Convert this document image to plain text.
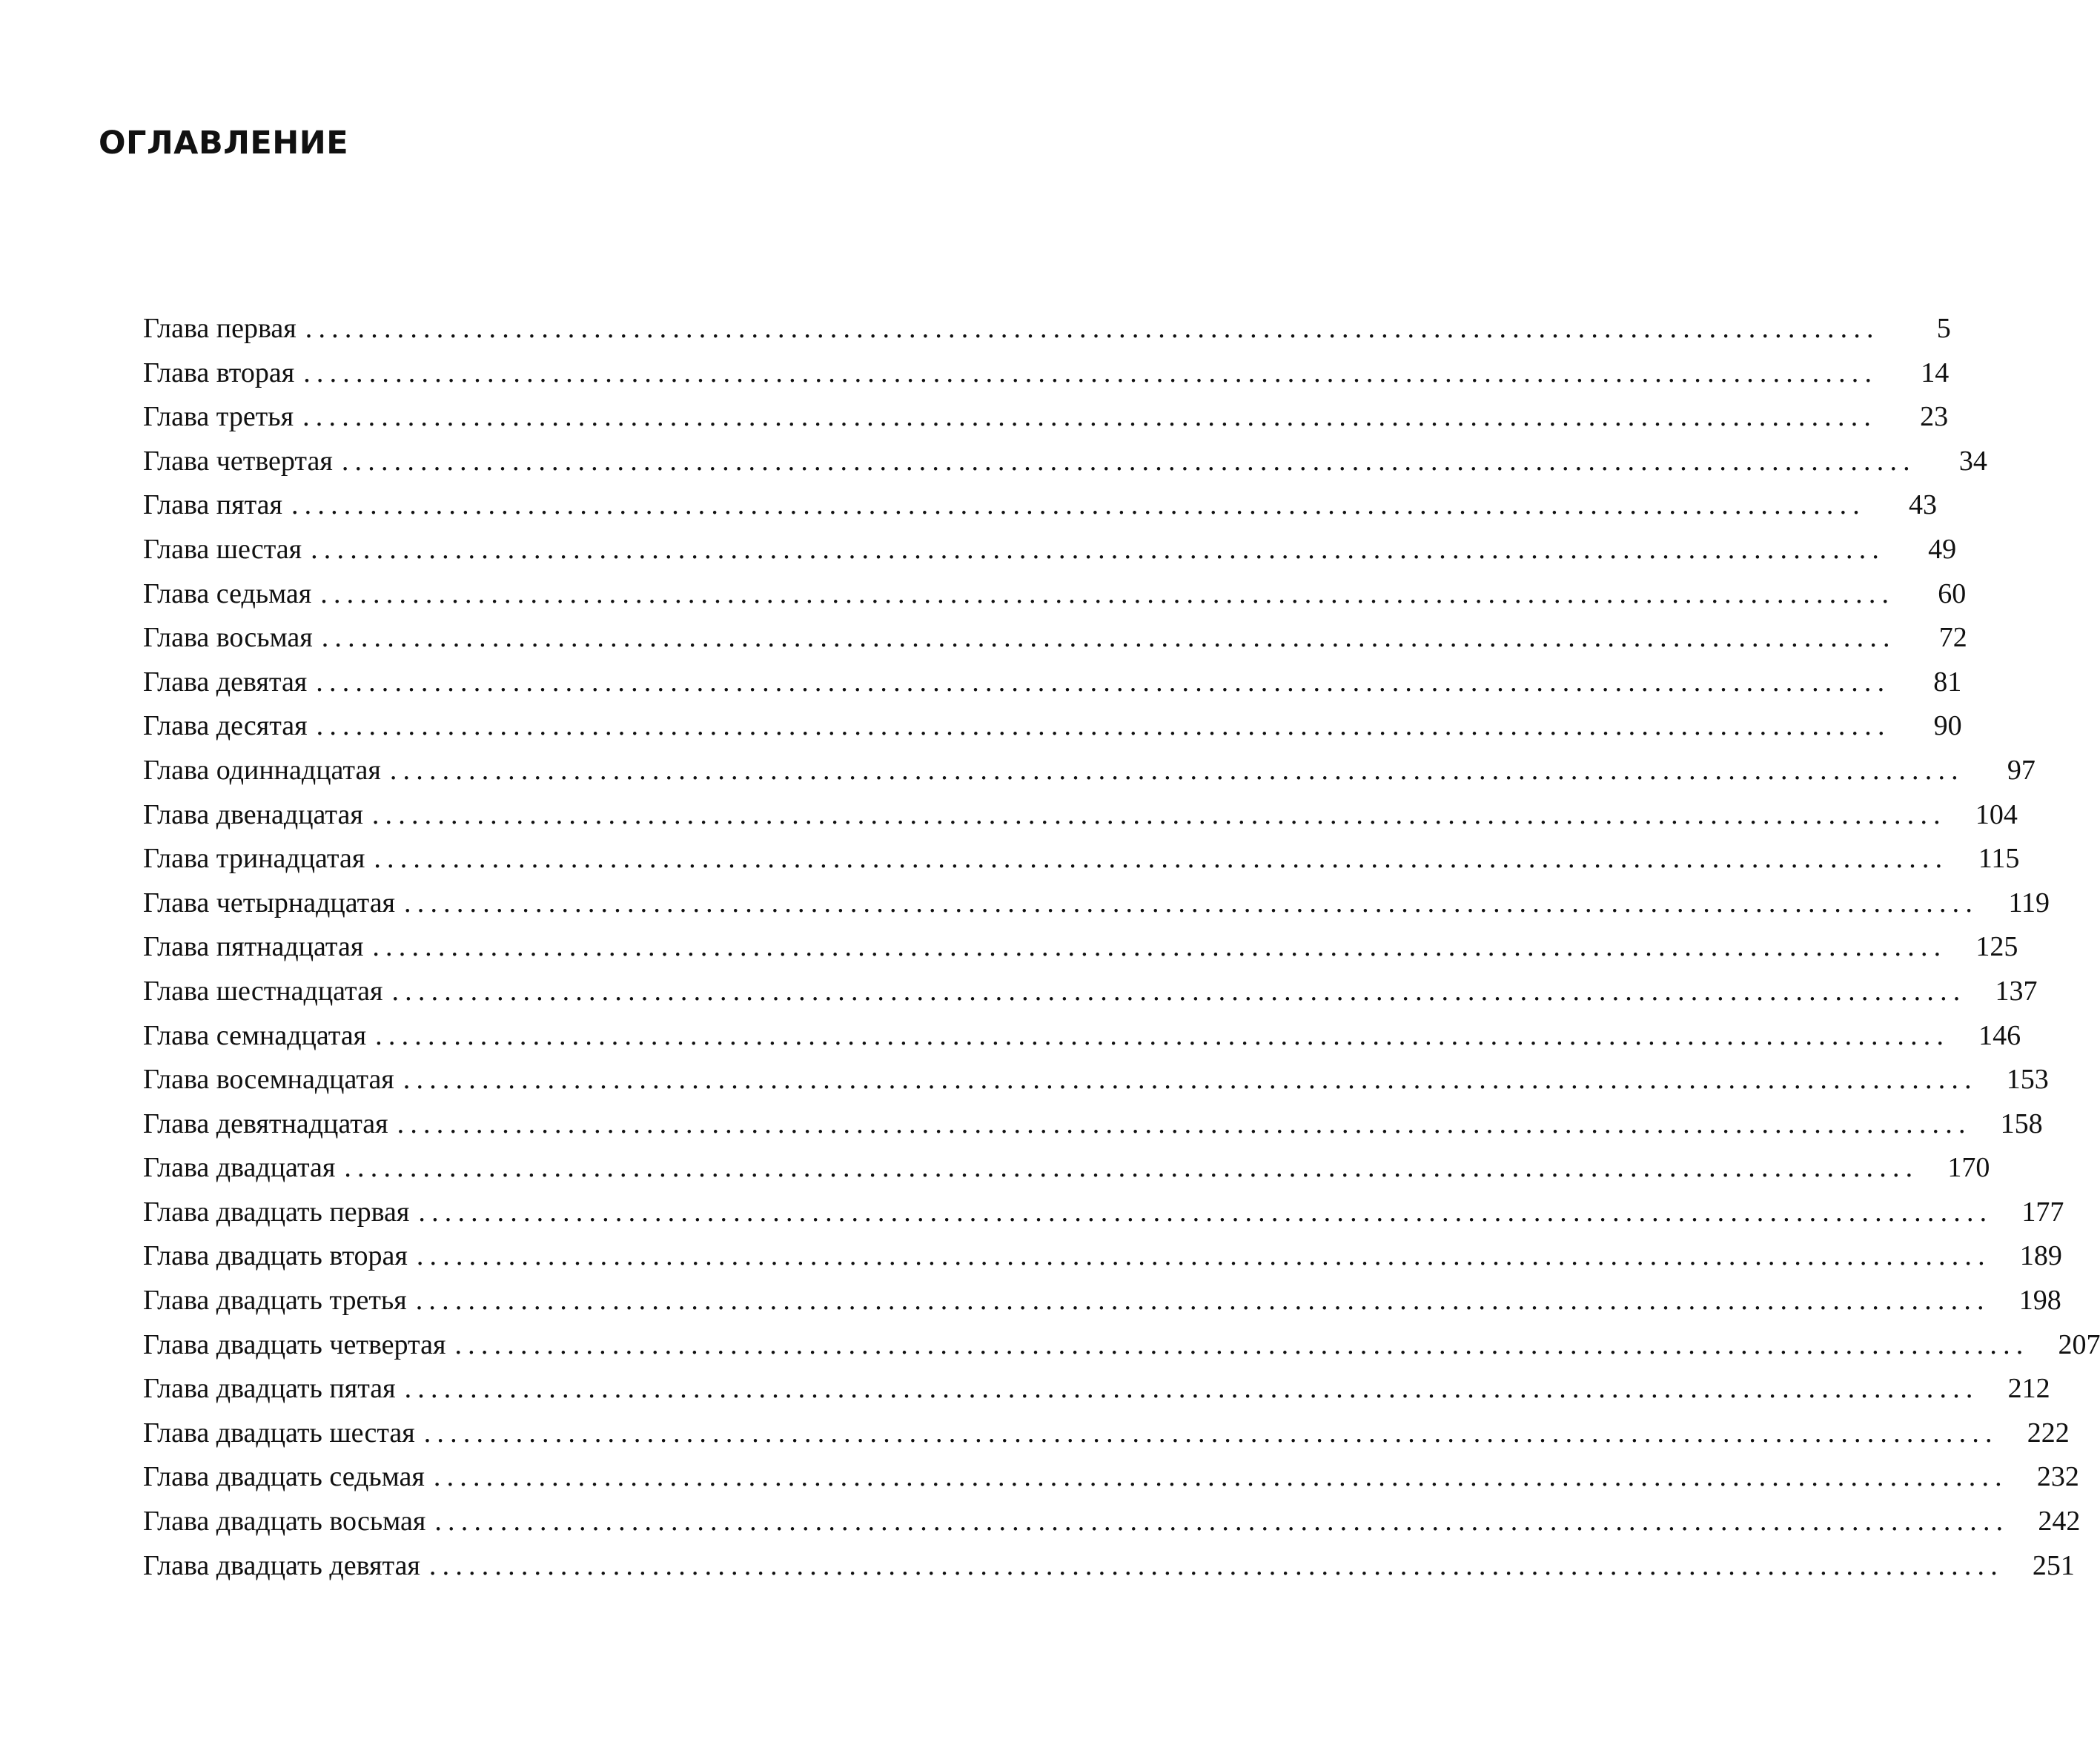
ОГЛАВЛЕНИЕ
Глава первая ........................................................................................................................	5
Глава вторая ........................................................................................................................	14
Глава третья ........................................................................................................................	23
Глава четвертая ........................................................................................................................	34
Глава пятая ........................................................................................................................	43
Глава шестая ........................................................................................................................	49
Глава седьмая ........................................................................................................................	60
Глава восьмая ........................................................................................................................	72
Глава девятая ........................................................................................................................	81
Глава десятая ........................................................................................................................	90
Глава одиннадцатая ........................................................................................................................	97
Глава двенадцатая ........................................................................................................................ 104
Глава тринадцатая ........................................................................................................................ 115
Глава четырнадцатая ........................................................................................................................ 119
Глава пятнадцатая ........................................................................................................................ 125
Глава шестнадцатая ........................................................................................................................ 137
Глава семнадцатая ........................................................................................................................ 146
Глава восемнадцатая ........................................................................................................................ 153
Глава девятнадцатая ........................................................................................................................ 158
Глава двадцатая ........................................................................................................................ 170
Глава двадцать первая ........................................................................................................................ 177
Глава двадцать вторая ........................................................................................................................ 189
Глава двадцать третья ........................................................................................................................ 198
Глава двадцать четвертая ........................................................................................................................ 207
Глава двадцать пятая ........................................................................................................................ 212
Глава двадцать шестая ........................................................................................................................ 222
Глава двадцать седьмая ........................................................................................................................ 232
Глава двадцать восьмая ........................................................................................................................ 242
Глава двадцать девятая ........................................................................................................................ 251
